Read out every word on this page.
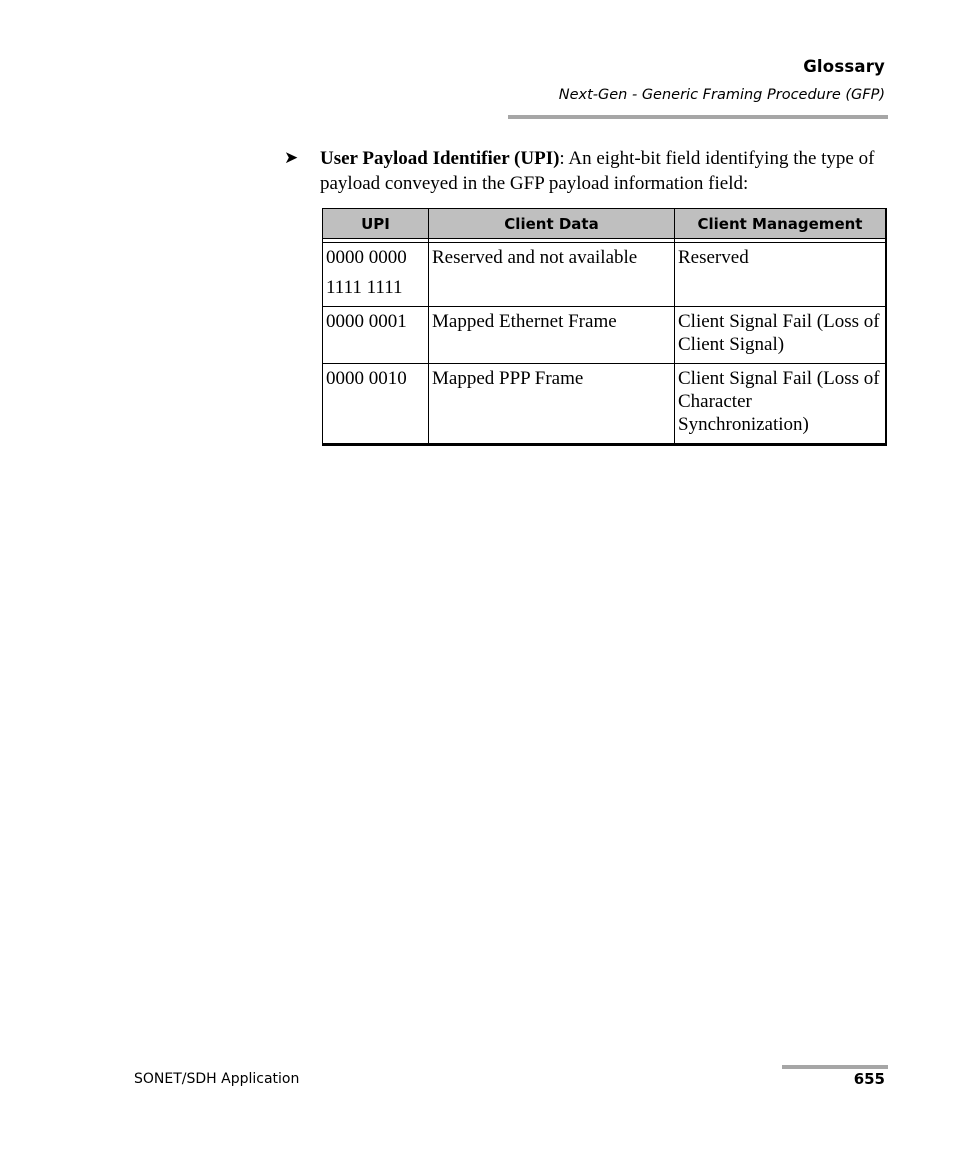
Glossary
Next-Gen - Generic Framing Procedure (GFP)
➤ User Payload Identifier (UPI): An eight-bit field identifying the type of payload conveyed in the GFP payload information field:
UPI	Client Data	Client Management

0000 0000
1111 1111	Reserved and not available	Reserved
0000 0001	Mapped Ethernet Frame	Client Signal Fail (Loss of Client Signal)
0000 0010	Mapped PPP Frame	Client Signal Fail (Loss of Character Synchronization)
SONET/SDH Application	655
